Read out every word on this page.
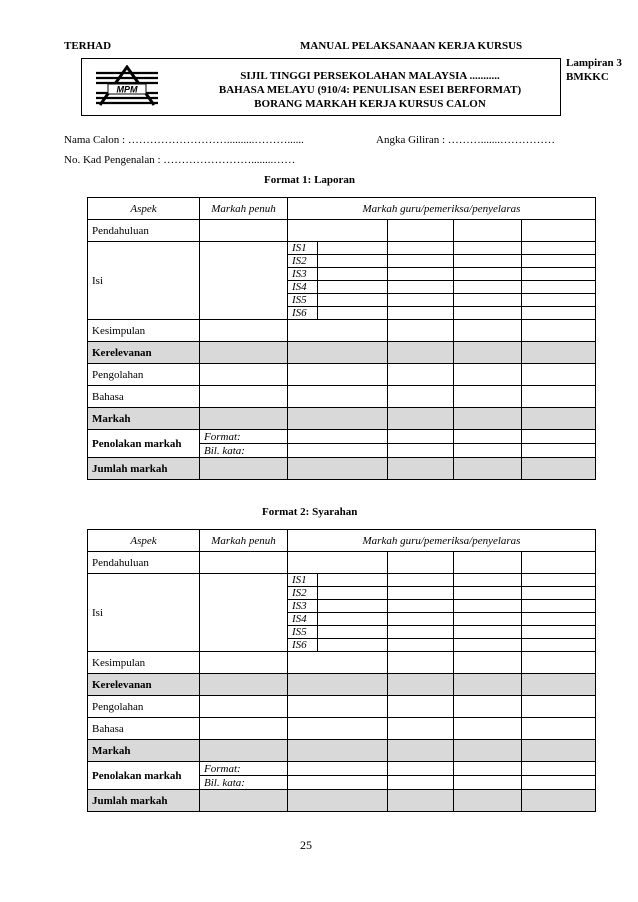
TERHAD	MANUAL PELAKSANAAN KERJA KURSUS
Lampiran 3
BMKKC
MPM
SIJIL TINGGI PERSEKOLAHAN MALAYSIA ...........
BAHASA MELAYU (910/4: PENULISAN ESEI BERFORMAT)
BORANG MARKAH KERJA KURSUS CALON
Nama Calon : ………………………..........………......	Angka Giliran : ……….......……………
No. Kad Pengenalan : ……………………........……
Format 1: Laporan
Aspek	Markah penuh	Markah guru/pemeriksa/penyelaras				
Pendahuluan						
Isi		IS1				
		IS2				
		IS3				
		IS4				
		IS5				
		IS6				
Kesimpulan						
Kerelevanan						
Pengolahan						
Bahasa						
Markah						
Penolakan markah	Format:					
	Bil. kata:					
Jumlah markah						
Format 2: Syarahan
Aspek	Markah penuh	Markah guru/pemeriksa/penyelaras				
Pendahuluan						
Isi		IS1				
		IS2				
		IS3				
		IS4				
		IS5				
		IS6				
Kesimpulan						
Kerelevanan						
Pengolahan						
Bahasa						
Markah						
Penolakan markah	Format:					
	Bil. kata:					
Jumlah markah						
25
